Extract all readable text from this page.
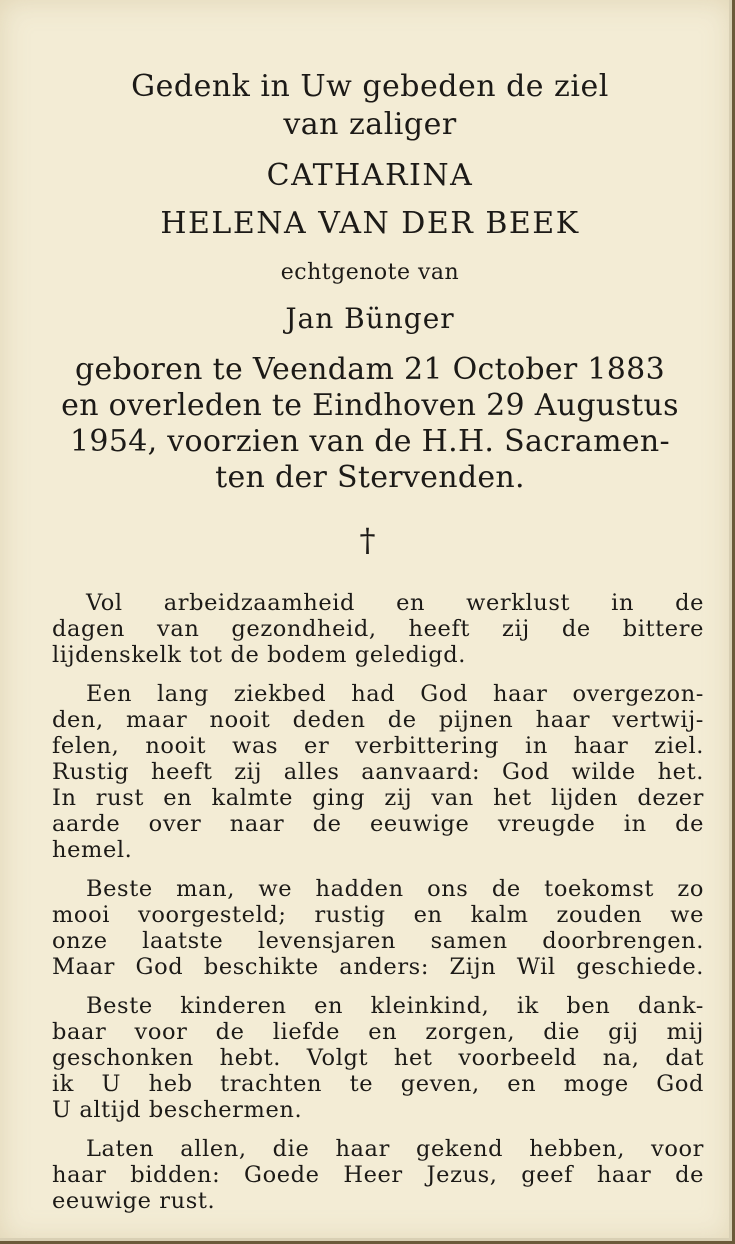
Gedenk in Uw gebeden de ziel
van zaliger
CATHARINA
HELENA VAN DER BEEK
echtgenote van
Jan Bünger
geboren te Veendam 21 October 1883
en overleden te Eindhoven 29 Augustus
1954, voorzien van de H.H. Sacramen-
ten der Stervenden.
†
Vol arbeidzaamheid en werklust in de
dagen van gezondheid, heeft zij de bittere
lijdenskelk tot de bodem geledigd.
Een lang ziekbed had God haar overgezon-
den, maar nooit deden de pijnen haar vertwij-
felen, nooit was er verbittering in haar ziel.
Rustig heeft zij alles aanvaard: God wilde het.
In rust en kalmte ging zij van het lijden dezer
aarde over naar de eeuwige vreugde in de
hemel.
Beste man, we hadden ons de toekomst zo
mooi voorgesteld; rustig en kalm zouden we
onze laatste levensjaren samen doorbrengen.
Maar God beschikte anders: Zijn Wil geschiede.
Beste kinderen en kleinkind, ik ben dank-
baar voor de liefde en zorgen, die gij mij
geschonken hebt. Volgt het voorbeeld na, dat
ik U heb trachten te geven, en moge God
U altijd beschermen.
Laten allen, die haar gekend hebben, voor
haar bidden: Goede Heer Jezus, geef haar de
eeuwige rust.
